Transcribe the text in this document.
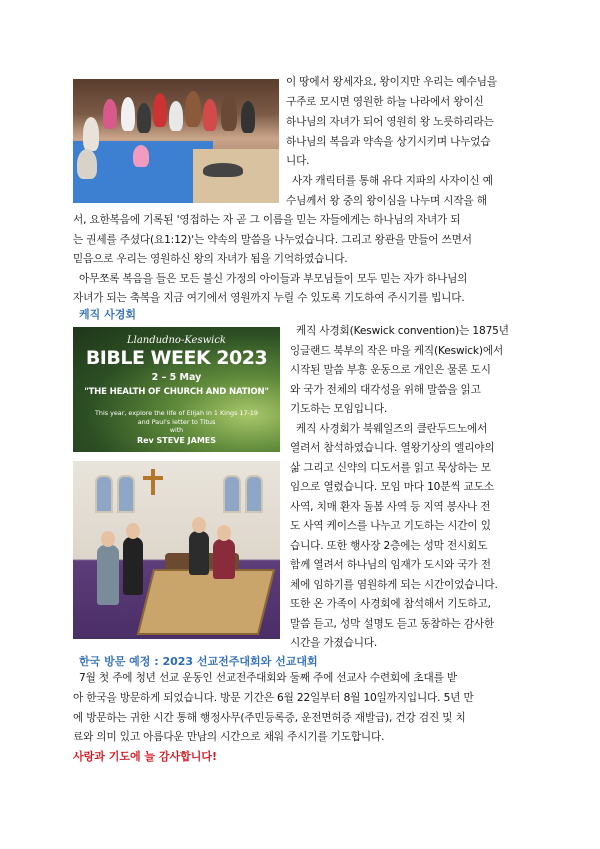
이 땅에서 왕세자요, 왕이지만 우리는 예수님을
구주로 모시면 영원한 하늘 나라에서 왕이신
하나님의 자녀가 되어 영원히 왕 노릇하리라는
하나님의 복음과 약속을 상기시키며 나누었습
니다.
사자 캐릭터를 통해 유다 지파의 사자이신 예
수님께서 왕 중의 왕이심을 나누며 시작을 해
서, 요한복음에 기록된 '영접하는 자 곧 그 이름을 믿는 자들에게는 하나님의 자녀가 되
는 권세를 주셨다(요1:12)'는 약속의 말씀을 나누었습니다. 그리고 왕관을 만들어 쓰면서
믿음으로 우리는 영원하신 왕의 자녀가 됨을 기억하였습니다.
아무쪼록 복음을 들은 모든 불신 가정의 아이들과 부모님들이 모두 믿는 자가 하나님의
자녀가 되는 축복을 지금 여기에서 영원까지 누릴 수 있도록 기도하여 주시기를 빕니다.
케직 사경회
Llandudno-Keswick
BIBLE WEEK 2023
2 – 5 May
"THE HEALTH OF CHURCH AND NATION"
This year, explore the life of Elijah in 1 Kings 17-19
and Paul's letter to Titus
with
Rev STEVE JAMES
케직 사경회(Keswick convention)는 1875년
잉글랜드 북부의 작은 마을 케직(Keswick)에서
시작된 말씀 부흥 운동으로 개인은 물론 도시
와 국가 전체의 대각성을 위해 말씀을 읽고
기도하는 모임입니다.
케직 사경회가 북웨일즈의 클란두드노에서
열려서 참석하였습니다. 열왕기상의 엘리야의
삶 그리고 신약의 디도서를 읽고 묵상하는 모
임으로 열렸습니다. 모임 마다 10분씩 교도소
사역, 치매 환자 돌봄 사역 등 지역 봉사나 전
도 사역 케이스를 나누고 기도하는 시간이 있
습니다. 또한 행사장 2층에는 성막 전시회도
함께 열려서 하나님의 임재가 도시와 국가 전
체에 임하기를 염원하게 되는 시간이었습니다.
또한 온 가족이 사경회에 참석해서 기도하고,
말씀 듣고, 성막 설명도 듣고 동참하는 감사한
시간을 가졌습니다.
한국 방문 예정 : 2023 선교전주대회와 선교대회
7월 첫 주에 청년 선교 운동인 선교전주대회와 둘째 주에 선교사 수련회에 초대를 받
아 한국을 방문하게 되었습니다. 방문 기간은 6월 22일부터 8월 10일까지입니다. 5년 만
에 방문하는 귀한 시간 통해 행정사무(주민등록증, 운전면허증 재발급), 건강 검진 및 치
료와 의미 있고 아름다운 만남의 시간으로 채워 주시기를 기도합니다.
사랑과 기도에 늘 감사합니다!
